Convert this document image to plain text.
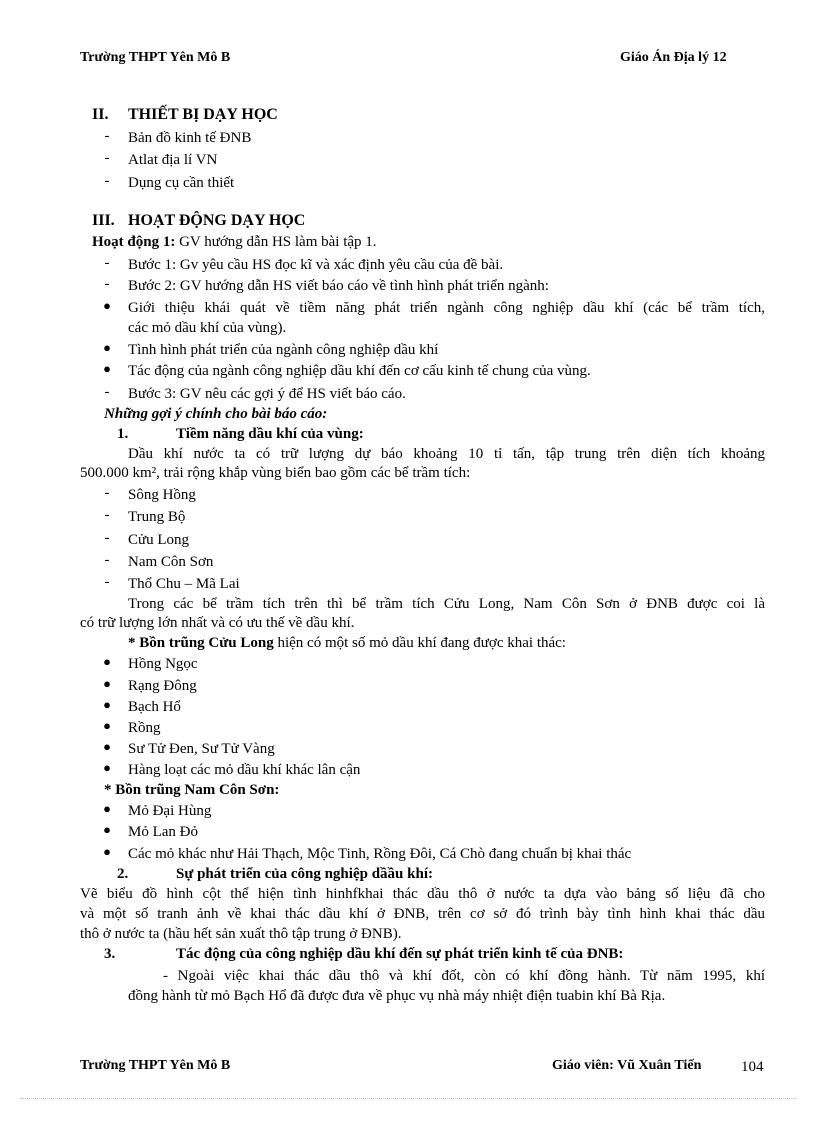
Trường THPT Yên Mô B	Giáo Án Địa lý 12
II. THIẾT BỊ DẠY HỌC
- Bản đồ kinh tế ĐNB
- Atlat địa lí VN
- Dụng cụ cần thiết
III. HOẠT ĐỘNG DẠY HỌC
Hoạt động 1: GV hướng dẫn HS làm bài tập 1.
- Bước 1: Gv yêu cầu HS đọc kĩ và xác định yêu cầu của đề bài.
- Bước 2: GV hướng dẫn HS viết báo cáo về tình hình phát triển ngành:
● Giới thiệu khái quát về tiềm năng phát triển ngành công nghiệp dầu khí (các bể trầm tích,
các mỏ dầu khí của vùng).
● Tình hình phát triển của ngành công nghiệp dầu khí
● Tác động của ngành công nghiệp dầu khí đến cơ cấu kinh tế chung của vùng.
- Bước 3: GV nêu các gợi ý để HS viết báo cáo.
Những gợi ý chính cho bài báo cáo:
1.	Tiềm năng dầu khí của vùng:
Dầu khí nước ta có trữ lượng dự báo khoảng 10 tỉ tấn, tập trung trên diện tích khoảng
500.000 km², trải rộng khắp vùng biển bao gồm các bể trầm tích:
- Sông Hồng
- Trung Bộ
- Cửu Long
- Nam Côn Sơn
- Thổ Chu – Mã Lai
Trong các bể trầm tích trên thì bể trầm tích Cửu Long, Nam Côn Sơn ở ĐNB được coi là
có trữ lượng lớn nhất và có ưu thế về dầu khí.
* Bồn trũng Cửu Long hiện có một số mỏ dầu khí đang được khai thác:
● Hồng Ngọc
● Rạng Đông
● Bạch Hổ
● Rồng
● Sư Tử Đen, Sư Tử Vàng
● Hàng loạt các mỏ dầu khí khác lân cận
* Bồn trũng Nam Côn Sơn:
● Mỏ Đại Hùng
● Mỏ Lan Đỏ
● Các mỏ khác như Hải Thạch, Mộc Tinh, Rồng Đôi, Cá Chò đang chuẩn bị khai thác
2.	Sự phát triển của công nghiệp dầầu khí:
Vẽ biểu đồ hình cột thể hiện tình hinhfkhai thác dầu thô ở nước ta dựa vào bảng số liệu đã cho
và một số tranh ảnh về khai thác dầu khí ở ĐNB, trên cơ sở đó trình bày tình hình khai thác dầu
thô ở nước ta (hầu hết sản xuất thô tập trung ở ĐNB).
3.	Tác động của công nghiệp dầu khí đến sự phát triển kinh tế của ĐNB:
- Ngoài việc khai thác dầu thô và khí đốt, còn có khí đồng hành. Từ năm 1995, khí
đồng hành từ mỏ Bạch Hổ đã được đưa về phục vụ nhà máy nhiệt điện tuabin khí Bà Rịa.
Trường THPT Yên Mô B	Giáo viên: Vũ Xuân Tiến	104
